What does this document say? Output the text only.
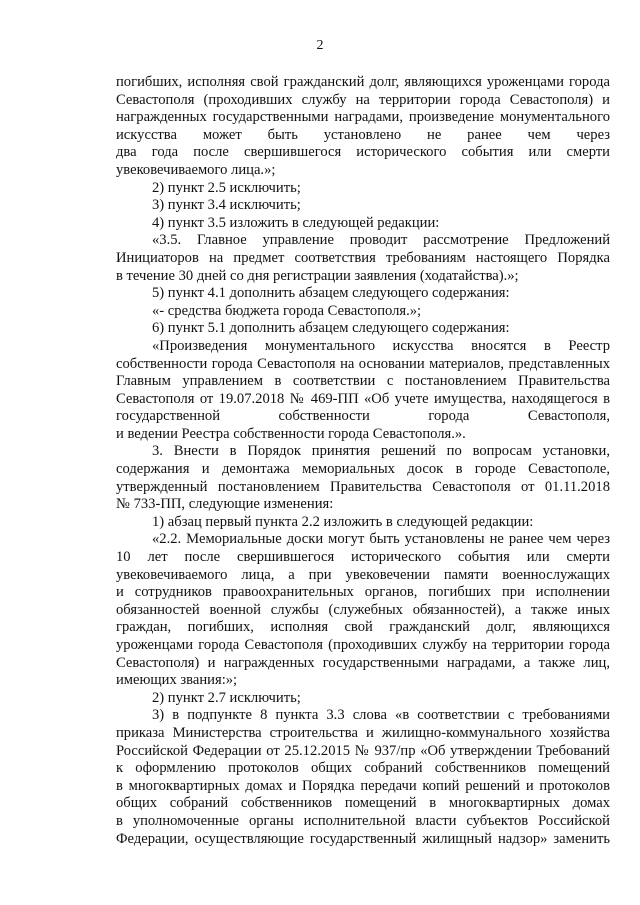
2
погибших, исполняя свой гражданский долг, являющихся уроженцами города
Севастополя (проходивших службу на территории города Севастополя) и
награжденных государственными наградами, произведение монументального
искусства может быть установлено не ранее чем через
два года после свершившегося исторического события или смерти
увековечиваемого лица.»;
2) пункт 2.5 исключить;
3) пункт 3.4 исключить;
4) пункт 3.5 изложить в следующей редакции:
«3.5. Главное управление проводит рассмотрение Предложений
Инициаторов на предмет соответствия требованиям настоящего Порядка
в течение 30 дней со дня регистрации заявления (ходатайства).»;
5) пункт 4.1 дополнить абзацем следующего содержания:
«- средства бюджета города Севастополя.»;
6) пункт 5.1 дополнить абзацем следующего содержания:
«Произведения монументального искусства вносятся в Реестр
собственности города Севастополя на основании материалов, представленных
Главным управлением в соответствии с постановлением Правительства
Севастополя от 19.07.2018 № 469-ПП «Об учете имущества, находящегося в
государственной собственности города Севастополя,
и ведении Реестра собственности города Севастополя.».
3. Внести в Порядок принятия решений по вопросам установки,
содержания и демонтажа мемориальных досок в городе Севастополе,
утвержденный постановлением Правительства Севастополя от 01.11.2018
№ 733-ПП, следующие изменения:
1) абзац первый пункта 2.2 изложить в следующей редакции:
«2.2. Мемориальные доски могут быть установлены не ранее чем через
10 лет после свершившегося исторического события или смерти
увековечиваемого лица, а при увековечении памяти военнослужащих
и сотрудников правоохранительных органов, погибших при исполнении
обязанностей военной службы (служебных обязанностей), а также иных
граждан, погибших, исполняя свой гражданский долг, являющихся
уроженцами города Севастополя (проходивших службу на территории города
Севастополя) и награжденных государственными наградами, а также лиц,
имеющих звания:»;
2) пункт 2.7 исключить;
3) в подпункте 8 пункта 3.3 слова «в соответствии с требованиями
приказа Министерства строительства и жилищно-коммунального хозяйства
Российской Федерации от 25.12.2015 № 937/пр «Об утверждении Требований
к оформлению протоколов общих собраний собственников помещений
в многоквартирных домах и Порядка передачи копий решений и протоколов
общих собраний собственников помещений в многоквартирных домах
в уполномоченные органы исполнительной власти субъектов Российской
Федерации, осуществляющие государственный жилищный надзор» заменить
